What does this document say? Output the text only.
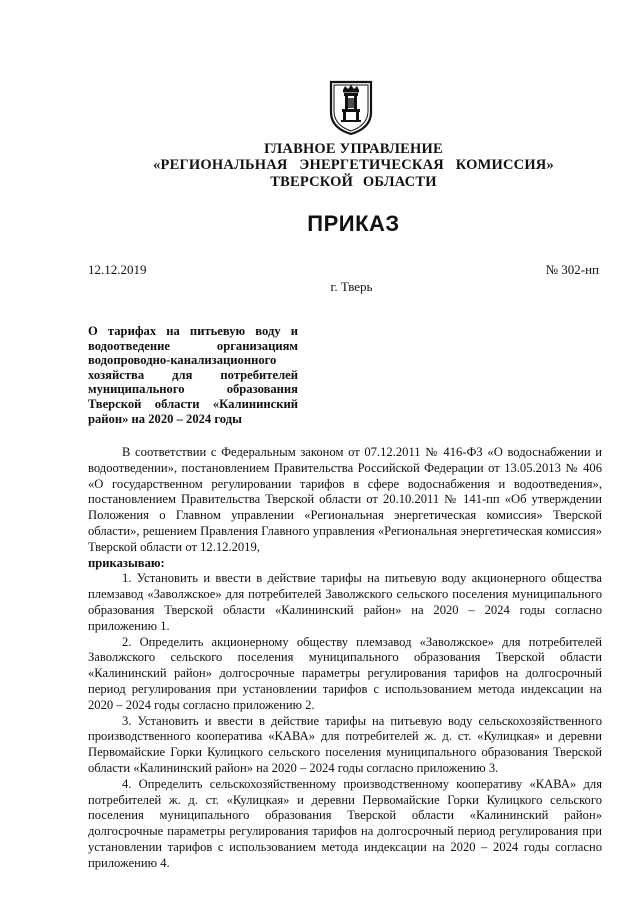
ГЛАВНОЕ УПРАВЛЕНИЕ
«РЕГИОНАЛЬНАЯ ЭНЕРГЕТИЧЕСКАЯ КОМИССИЯ»
ТВЕРСКОЙ ОБЛАСТИ
ПРИКАЗ
12.12.2019	№ 302-нп
г. Тверь
О тарифах на питьевую воду и водоотведение организациям водопроводно-канализационного хозяйства для потребителей муниципального образования Тверской области «Калининский район» на 2020 – 2024 годы

В соответствии с Федеральным законом от 07.12.2011 № 416-ФЗ «О водоснабжении и водоотведении», постановлением Правительства Российской Федерации от 13.05.2013 № 406 «О государственном регулировании тарифов в сфере водоснабжения и водоотведения», постановлением Правительства Тверской области от 20.10.2011 № 141-пп «Об утверждении Положения о Главном управлении «Региональная энергетическая комиссия» Тверской области», решением Правления Главного управления «Региональная энергетическая комиссия» Тверской области от 12.12.2019,

приказываю:

1. Установить и ввести в действие тарифы на питьевую воду акционерного общества племзавод «Заволжское» для потребителей Заволжского сельского поселения муниципального образования Тверской области «Калининский район» на 2020 – 2024 годы согласно приложению 1.

2. Определить акционерному обществу племзавод «Заволжское» для потребителей Заволжского сельского поселения муниципального образования Тверской области «Калининский район» долгосрочные параметры регулирования тарифов на долгосрочный период регулирования при установлении тарифов с использованием метода индексации на 2020 – 2024 годы согласно приложению 2.

3. Установить и ввести в действие тарифы на питьевую воду сельскохозяйственного производственного кооператива «КАВА» для потребителей ж. д. ст. «Кулицкая» и деревни Первомайские Горки Кулицкого сельского поселения муниципального образования Тверской области «Калининский район» на 2020 – 2024 годы согласно приложению 3.

4. Определить сельскохозяйственному производственному кооперативу «КАВА» для потребителей ж. д. ст. «Кулицкая» и деревни Первомайские Горки Кулицкого сельского поселения муниципального образования Тверской области «Калининский район» долгосрочные параметры регулирования тарифов на долгосрочный период регулирования при установлении тарифов с использованием метода индексации на 2020 – 2024 годы согласно приложению 4.
